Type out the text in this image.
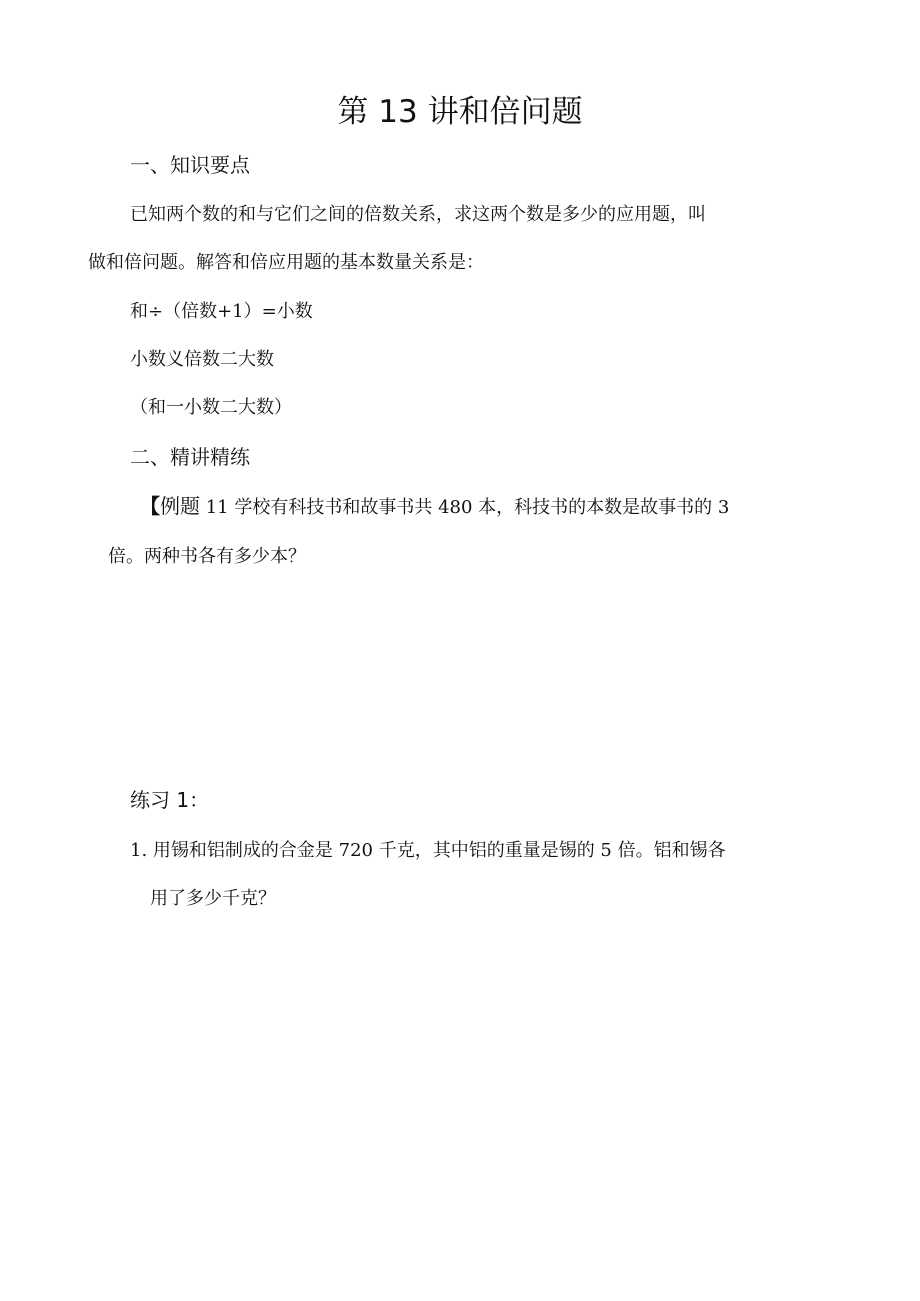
第 13 讲和倍问题
一、知识要点
已知两个数的和与它们之间的倍数关系，求这两个数是多少的应用题，叫
做和倍问题。解答和倍应用题的基本数量关系是：
和÷（倍数+1）=小数
小数义倍数二大数
（和一小数二大数）
二、精讲精练
【例题 11 学校有科技书和故事书共 480 本，科技书的本数是故事书的 3
倍。两种书各有多少本？
练习 1：
1. 用锡和铝制成的合金是 720 千克，其中铝的重量是锡的 5 倍。铝和锡各
用了多少千克？
